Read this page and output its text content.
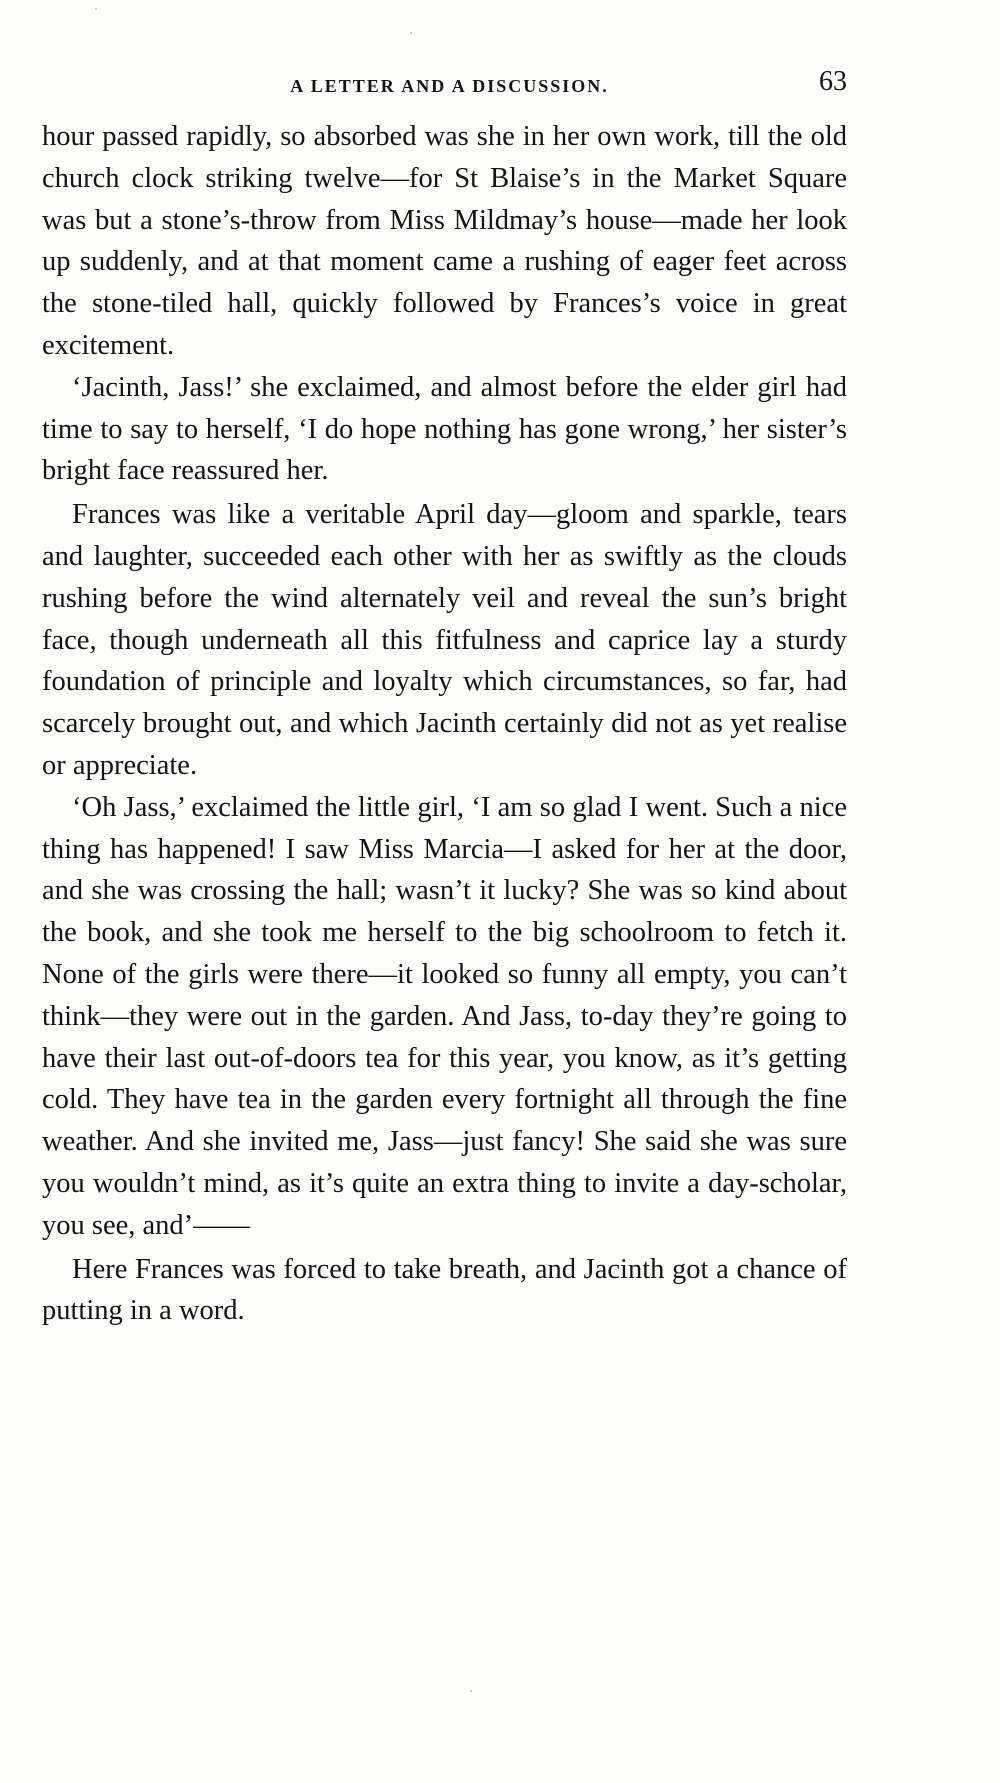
A LETTER AND A DISCUSSION.	63

hour passed rapidly, so absorbed was she in her own work, till the old church clock striking twelve—for St Blaise’s in the Market Square was but a stone’s-throw from Miss Mildmay’s house—made her look up suddenly, and at that moment came a rushing of eager feet across the stone-tiled hall, quickly followed by Frances’s voice in great excitement.

‘Jacinth, Jass!’ she exclaimed, and almost before the elder girl had time to say to herself, ‘I do hope nothing has gone wrong,’ her sister’s bright face reassured her.

Frances was like a veritable April day—gloom and sparkle, tears and laughter, succeeded each other with her as swiftly as the clouds rushing before the wind alternately veil and reveal the sun’s bright face, though underneath all this fitfulness and caprice lay a sturdy foundation of principle and loyalty which circumstances, so far, had scarcely brought out, and which Jacinth certainly did not as yet realise or appreciate.

‘Oh Jass,’ exclaimed the little girl, ‘I am so glad I went. Such a nice thing has happened! I saw Miss Marcia—I asked for her at the door, and she was crossing the hall; wasn’t it lucky? She was so kind about the book, and she took me herself to the big schoolroom to fetch it. None of the girls were there—it looked so funny all empty, you can’t think—they were out in the garden. And Jass, to-day they’re going to have their last out-of-doors tea for this year, you know, as it’s getting cold. They have tea in the garden every fortnight all through the fine weather. And she invited me, Jass—just fancy! She said she was sure you wouldn’t mind, as it’s quite an extra thing to invite a day-scholar, you see, and’——

Here Frances was forced to take breath, and Jacinth got a chance of putting in a word.
